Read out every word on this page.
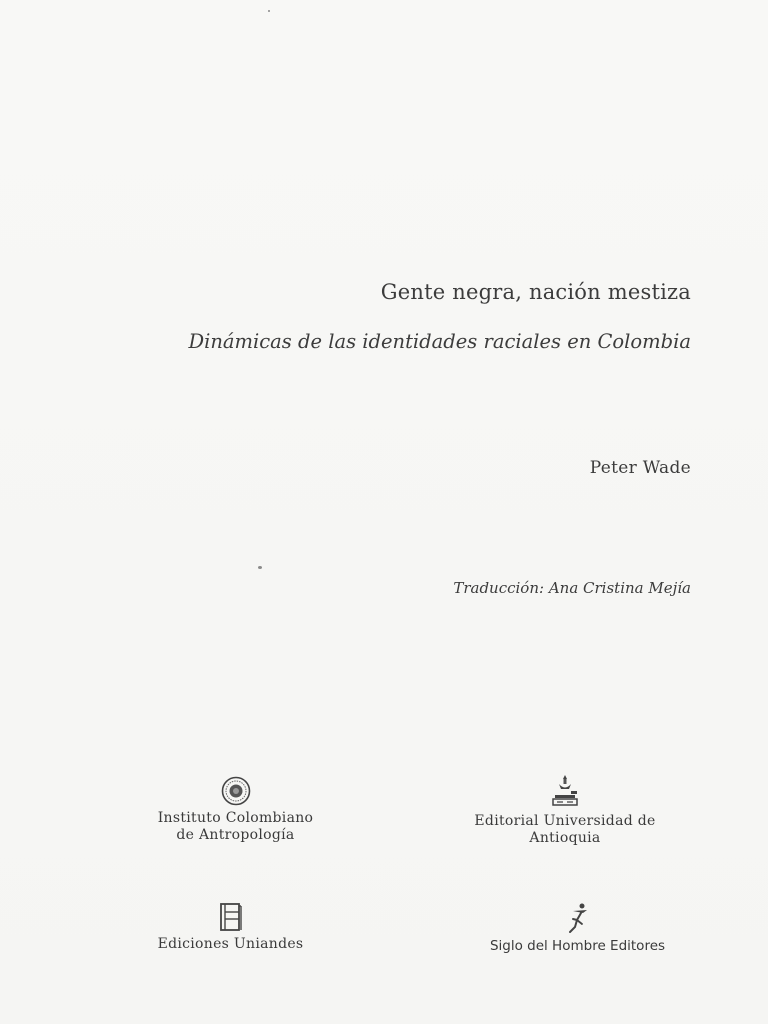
Gente negra, nación mestiza
Dinámicas de las identidades raciales en Colombia
Peter Wade
Traducción: Ana Cristina Mejía
Instituto Colombiano
de Antropología
Editorial Universidad de
Antioquia
Ediciones Uniandes	Siglo del Hombre Editores
